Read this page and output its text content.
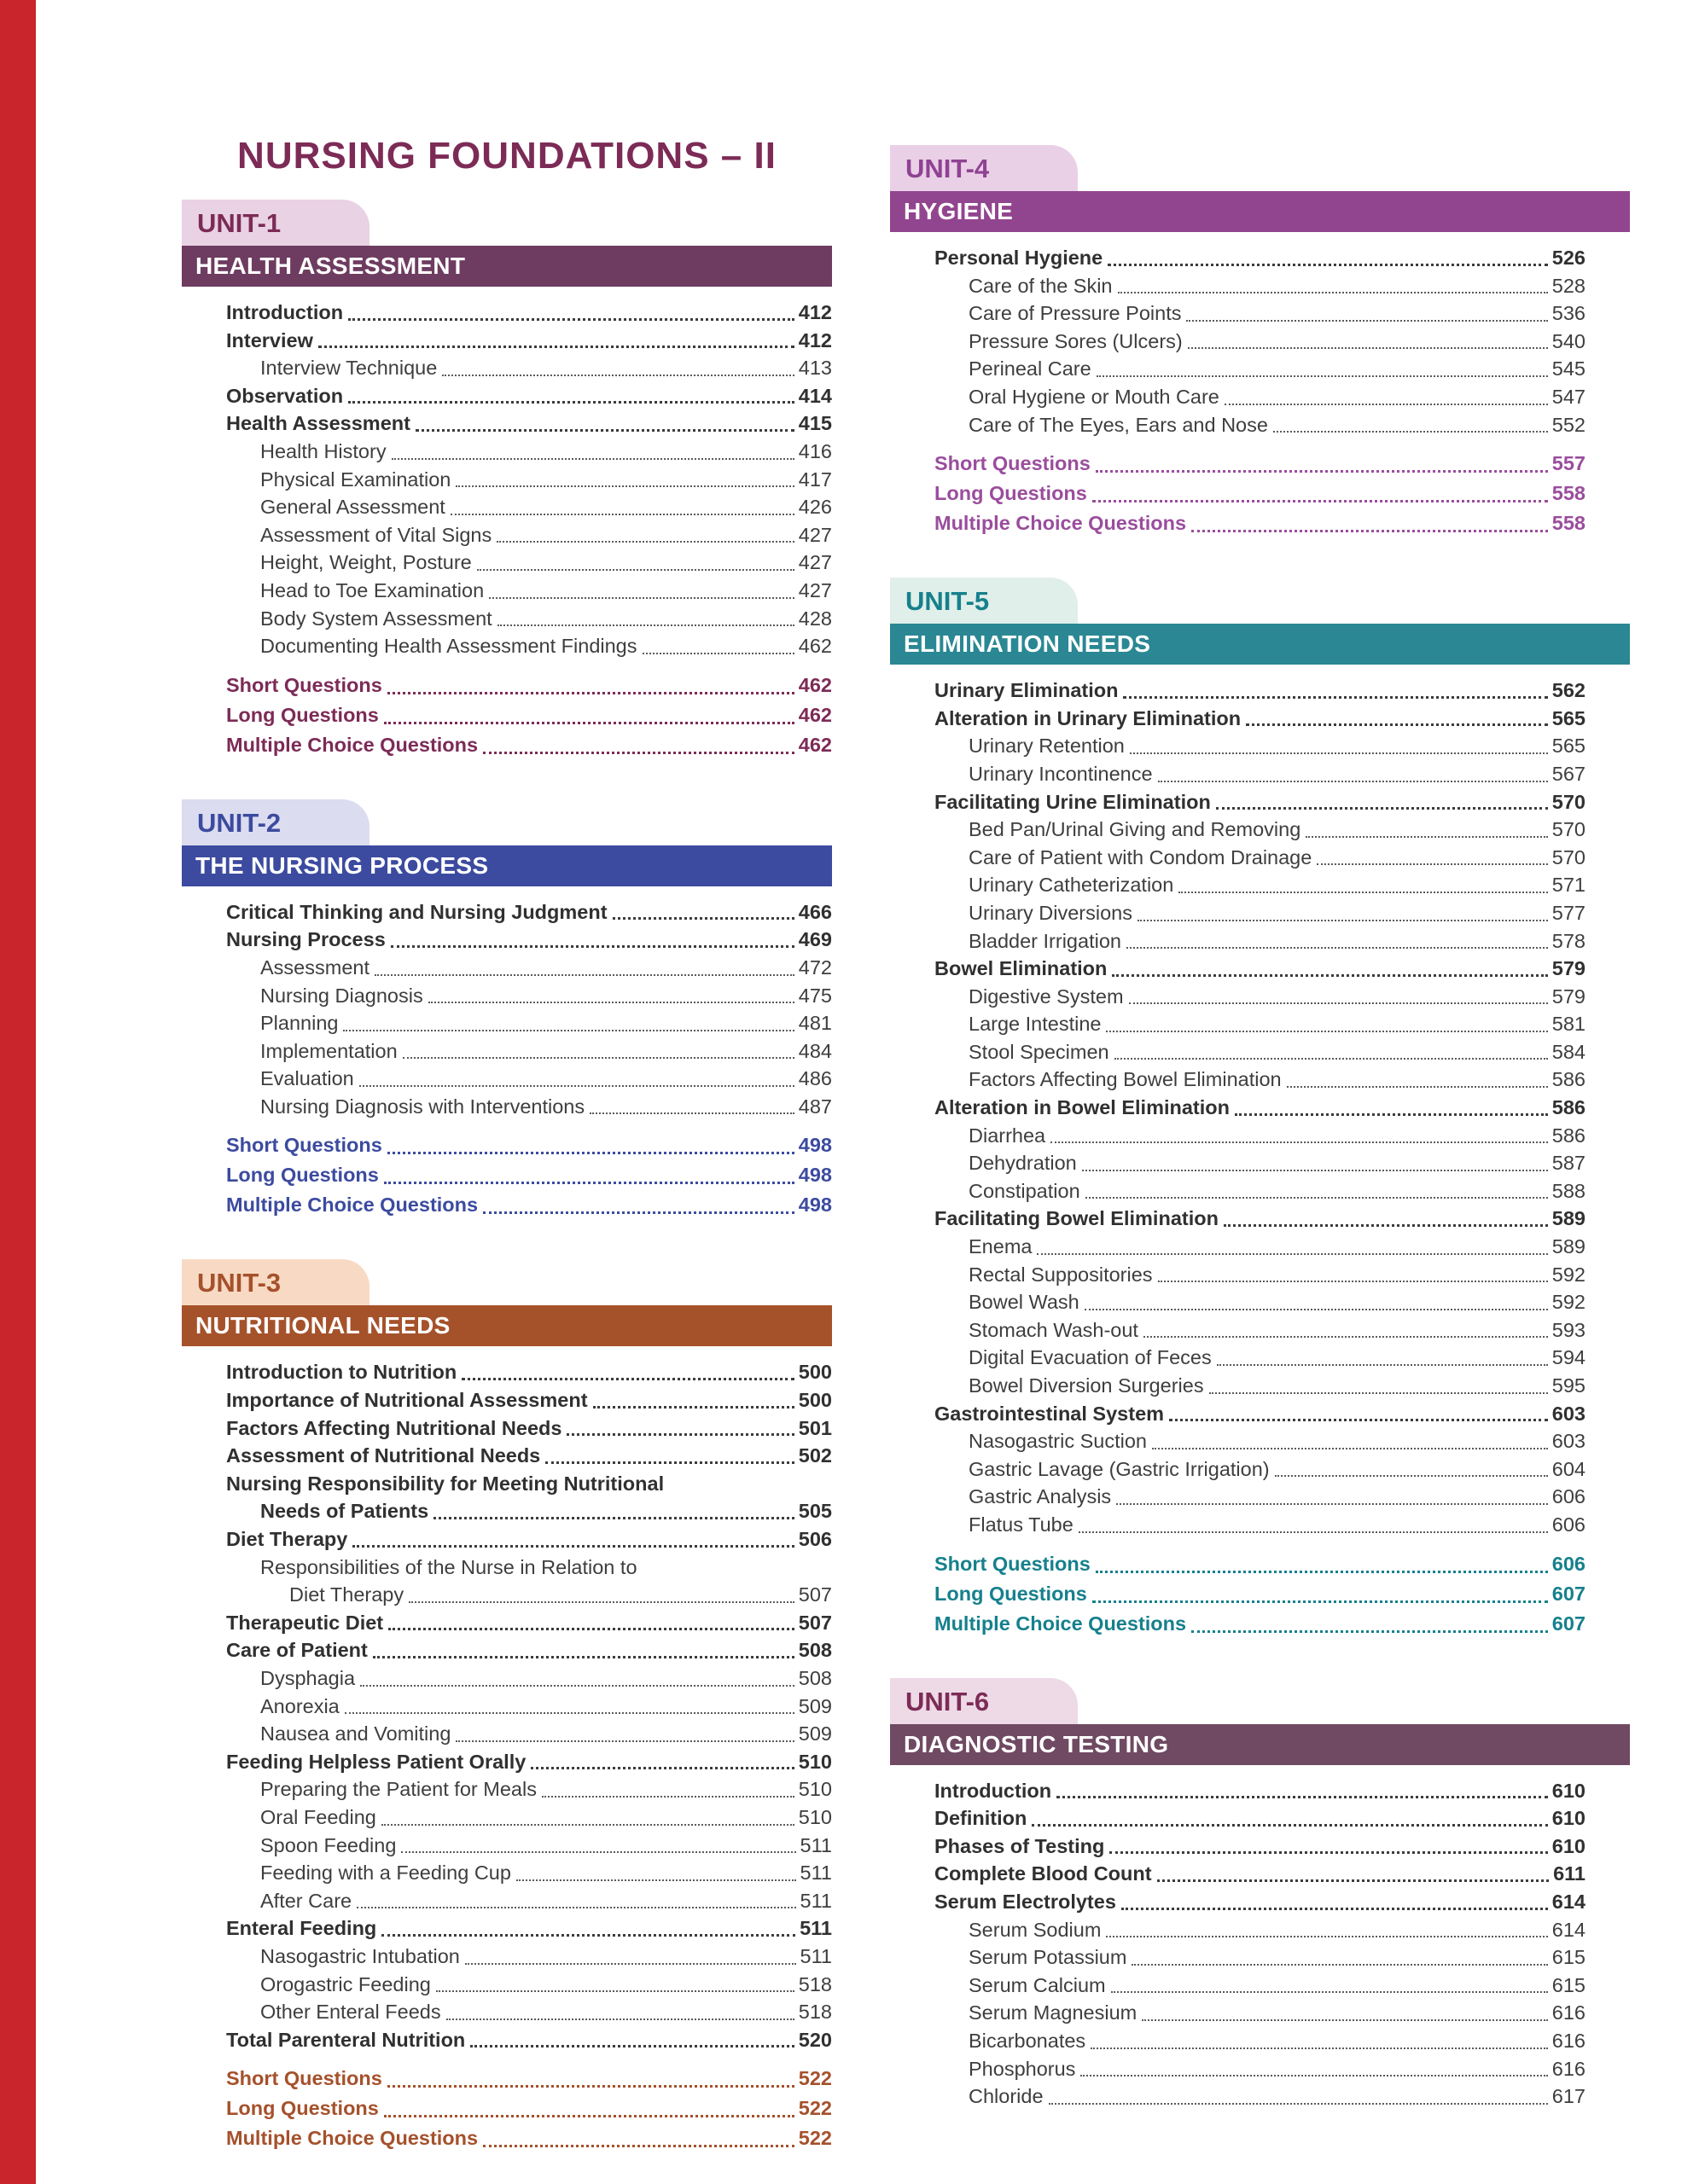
NURSING FOUNDATIONS – II
UNIT-1
HEALTH ASSESSMENT
Introduction	412
Interview	412
Interview Technique	413
Observation	414
Health Assessment	415
Health History	416
Physical Examination	417
General Assessment	426
Assessment of Vital Signs	427
Height, Weight, Posture	427
Head to Toe Examination	427
Body System Assessment	428
Documenting Health Assessment Findings	462
Short Questions	462
Long Questions	462
Multiple Choice Questions	462
UNIT-2
THE NURSING PROCESS
Critical Thinking and Nursing Judgment	466
Nursing Process	469
Assessment	472
Nursing Diagnosis	475
Planning	481
Implementation	484
Evaluation	486
Nursing Diagnosis with Interventions	487
Short Questions	498
Long Questions	498
Multiple Choice Questions	498
UNIT-3
NUTRITIONAL NEEDS
Introduction to Nutrition	500
Importance of Nutritional Assessment	500
Factors Affecting Nutritional Needs	501
Assessment of Nutritional Needs	502
Nursing Responsibility for Meeting Nutritional
Needs of Patients	505
Diet Therapy	506
Responsibilities of the Nurse in Relation to
Diet Therapy	507
Therapeutic Diet	507
Care of Patient	508
Dysphagia	508
Anorexia	509
Nausea and Vomiting	509
Feeding Helpless Patient Orally	510
Preparing the Patient for Meals	510
Oral Feeding	510
Spoon Feeding	511
Feeding with a Feeding Cup	511
After Care	511
Enteral Feeding	511
Nasogastric Intubation	511
Orogastric Feeding	518
Other Enteral Feeds	518
Total Parenteral Nutrition	520
Short Questions	522
Long Questions	522
Multiple Choice Questions	522
UNIT-4
HYGIENE
Personal Hygiene	526
Care of the Skin	528
Care of Pressure Points	536
Pressure Sores (Ulcers)	540
Perineal Care	545
Oral Hygiene or Mouth Care	547
Care of The Eyes, Ears and Nose	552
Short Questions	557
Long Questions	558
Multiple Choice Questions	558
UNIT-5
ELIMINATION NEEDS
Urinary Elimination	562
Alteration in Urinary Elimination	565
Urinary Retention	565
Urinary Incontinence	567
Facilitating Urine Elimination	570
Bed Pan/Urinal Giving and Removing	570
Care of Patient with Condom Drainage	570
Urinary Catheterization	571
Urinary Diversions	577
Bladder Irrigation	578
Bowel Elimination	579
Digestive System	579
Large Intestine	581
Stool Specimen	584
Factors Affecting Bowel Elimination	586
Alteration in Bowel Elimination	586
Diarrhea	586
Dehydration	587
Constipation	588
Facilitating Bowel Elimination	589
Enema	589
Rectal Suppositories	592
Bowel Wash	592
Stomach Wash-out	593
Digital Evacuation of Feces	594
Bowel Diversion Surgeries	595
Gastrointestinal System	603
Nasogastric Suction	603
Gastric Lavage (Gastric Irrigation)	604
Gastric Analysis	606
Flatus Tube	606
Short Questions	606
Long Questions	607
Multiple Choice Questions	607
UNIT-6
DIAGNOSTIC TESTING
Introduction	610
Definition	610
Phases of Testing	610
Complete Blood Count	611
Serum Electrolytes	614
Serum Sodium	614
Serum Potassium	615
Serum Calcium	615
Serum Magnesium	616
Bicarbonates	616
Phosphorus	616
Chloride	617
